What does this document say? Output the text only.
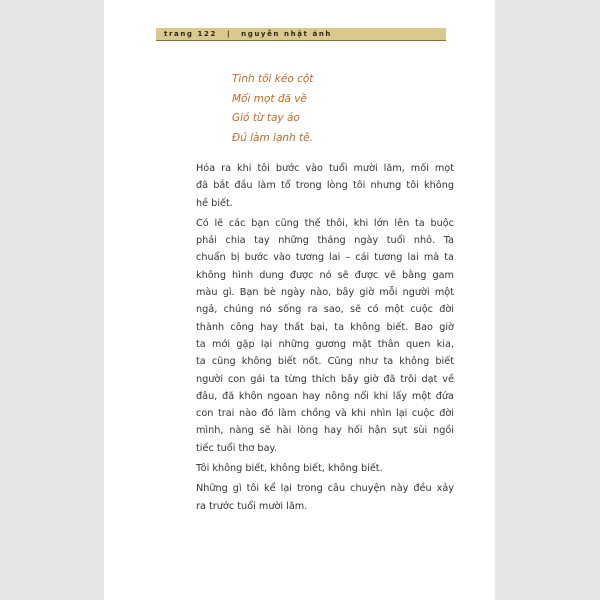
trang 122 | nguyễn nhật ánh
Tình tôi kéo cột
Mối mọt đã về
Gió từ tay áo
Đủ làm lạnh tê.

Hóa ra khi tôi bước vào tuổi mười lăm, mối mọt
đã bắt đầu làm tổ trong lòng tôi nhưng tôi không
hề biết.

Có lẽ các bạn cũng thế thôi, khi lớn lên ta buộc
phải chia tay những tháng ngày tuổi nhỏ. Ta
chuẩn bị bước vào tương lai – cái tương lai mà ta
không hình dung được nó sẽ được vẽ bằng gam
màu gì. Bạn bè ngày nào, bây giờ mỗi người một
ngả, chúng nó sống ra sao, sẽ có một cuộc đời
thành công hay thất bại, ta không biết. Bao giờ
ta mới gặp lại những gương mặt thân quen kia,
ta cũng không biết nốt. Cũng như ta không biết
người con gái ta từng thích bây giờ đã trôi dạt về
đâu, đã khôn ngoan hay nông nổi khi lấy một đứa
con trai nào đó làm chồng và khi nhìn lại cuộc đời
mình, nàng sẽ hài lòng hay hối hận sụt sùi ngồi
tiếc tuổi thơ bay.

Tôi không biết, không biết, không biết.

Những gì tôi kể lại trong câu chuyện này đều xảy
ra trước tuổi mười lăm.
